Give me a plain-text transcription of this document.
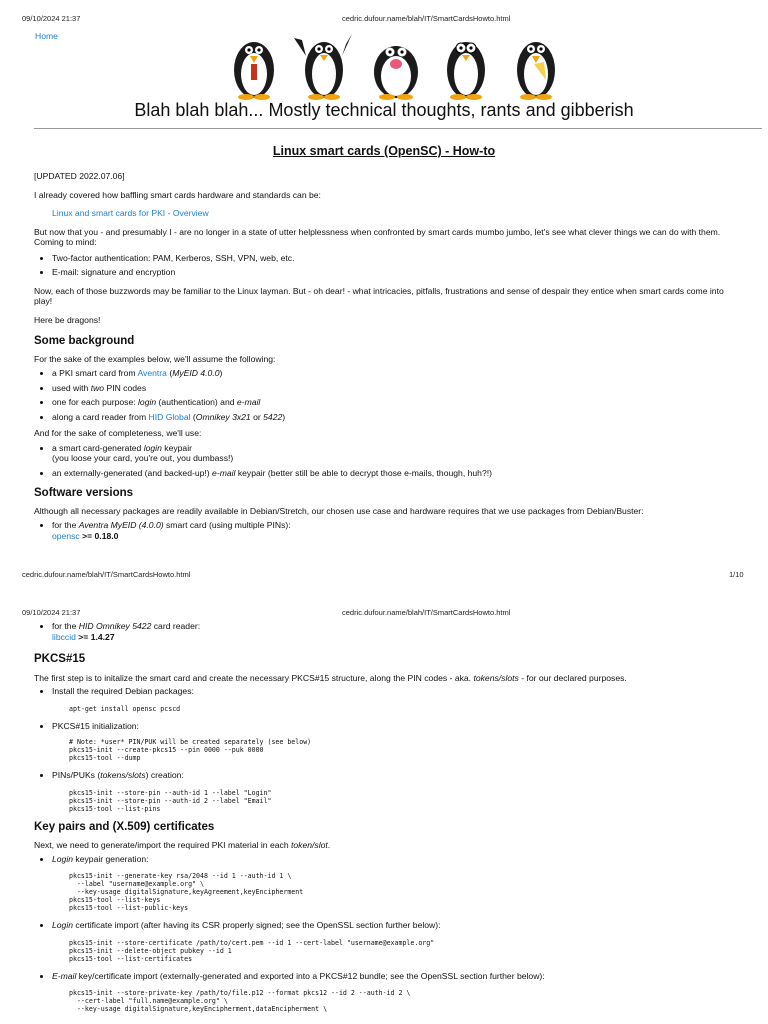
09/10/2024 21:37	cedric.dufour.name/blah/IT/SmartCardsHowto.html
Home
Blah blah blah... Mostly technical thoughts, rants and gibberish
Linux smart cards (OpenSC) - How-to

[UPDATED 2022.07.06]

I already covered how baffling smart cards hardware and standards can be:

Linux and smart cards for PKI - Overview

But now that you - and presumably I - are no longer in a state of utter helplessness when confronted by smart cards mumbo jumbo, let's see what clever things we can do with them. Coming to mind:

• Two-factor authentication: PAM, Kerberos, SSH, VPN, web, etc.
• E-mail: signature and encryption

Now, each of those buzzwords may be familiar to the Linux layman. But - oh dear! - what intricacies, pitfalls, frustrations and sense of despair they entice when smart cards come into play!

Here be dragons!

Some background

For the sake of the examples below, we'll assume the following:

• a PKI smart card from Aventra (MyEID 4.0.0)
• used with two PIN codes
• one for each purpose: login (authentication) and e-mail
• along a card reader from HID Global (Omnikey 3x21 or 5422)

And for the sake of completeness, we'll use:

• a smart card-generated login keypair
(you loose your card, you're out, you dumbass!)
• an externally-generated (and backed-up!) e-mail keypair (better still be able to decrypt those e-mails, though, huh?!)
Software versions

Although all necessary packages are readily available in Debian/Stretch, our chosen use case and hardware requires that we use packages from Debian/Buster:

• for the Aventra MyEID (4.0.0) smart card (using multiple PINs):
opensc >= 0.18.0
cedric.dufour.name/blah/IT/SmartCardsHowto.html	1/10
09/10/2024 21:37	cedric.dufour.name/blah/IT/SmartCardsHowto.html
• for the HID Omnikey 5422 card reader:
libccid >= 1.4.27
PKCS#15

The first step is to initalize the smart card and create the necessary PKCS#15 structure, along the PIN codes - aka. tokens/slots - for our declared purposes.

• Install the required Debian packages:
apt-get install opensc pcscd
• PKCS#15 initialization:
# Note: *user* PIN/PUK will be created separately (see below)
pkcs15-init --create-pkcs15 --pin 0000 --puk 0000
pkcs15-tool --dump
• PINs/PUKs (tokens/slots) creation:
pkcs15-init --store-pin --auth-id 1 --label "Login"
pkcs15-init --store-pin --auth-id 2 --label "Email"
pkcs15-tool --list-pins
Key pairs and (X.509) certificates

Next, we need to generate/import the required PKI material in each token/slot.

• Login keypair generation:
pkcs15-init --generate-key rsa/2048 --id 1 --auth-id 1 \
--label "username@example.org" \
--key-usage digitalSignature,keyAgreement,keyEncipherment
pkcs15-tool --list-keys
pkcs15-tool --list-public-keys
• Login certificate import (after having its CSR properly signed; see the OpenSSL section further below):
pkcs15-init --store-certificate /path/to/cert.pem --id 1 --cert-label "username@example.org"
pkcs15-init --delete-object pubkey --id 1
pkcs15-tool --list-certificates
• E-mail key/certificate import (externally-generated and exported into a PKCS#12 bundle; see the OpenSSL section further below):
pkcs15-init --store-private-key /path/to/file.p12 --format pkcs12 --id 2 --auth-id 2 \
--cert-label "full.name@example.org" \
--key-usage digitalSignature,keyEncipherment,dataEncipherment \
